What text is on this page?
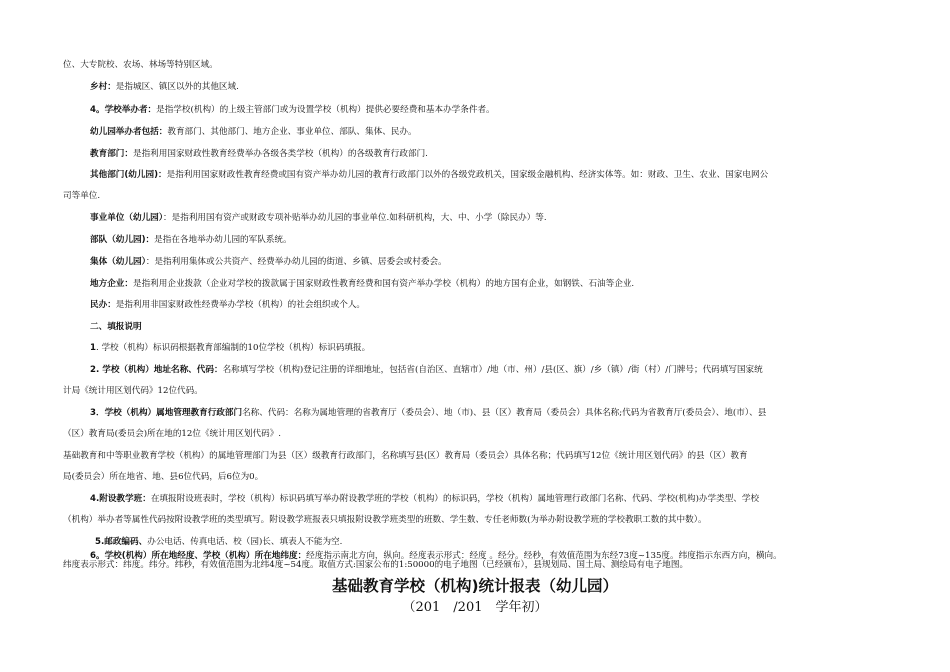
位、大专院校、农场、林场等特别区域。
乡村：是指城区、镇区以外的其他区域.
4。学校举办者：是指学校(机构）的上级主管部门或为设置学校（机构）提供必要经费和基本办学条件者。
幼儿园举办者包括：教育部门、其他部门、地方企业、事业单位、部队、集体、民办。
教育部门：是指利用国家财政性教育经费举办各级各类学校（机构）的各级教育行政部门.
其他部门(幼儿园)：是指利用国家财政性教育经费或国有资产举办幼儿园的教育行政部门以外的各级党政机关，国家级金融机构、经济实体等。如：财政、卫生、农业、国家电网公
司等单位.
事业单位（幼儿园）：是指利用国有资产或财政专项补贴举办幼儿园的事业单位.如科研机构，大、中、小学（除民办）等.
部队（幼儿园)：是指在各地举办幼儿园的军队系统。
集体（幼儿园）：是指利用集体或公共资产、经费举办幼儿园的街道、乡镇、居委会或村委会。
地方企业：是指利用企业拨款（企业对学校的拨款属于国家财政性教育经费和国有资产举办学校（机构）的地方国有企业，如钢铁、石油等企业.
民办：是指利用非国家财政性经费举办学校（机构）的社会组织或个人。
二、填报说明
1. 学校（机构）标识码根据教育部编制的10位学校（机构）标识码填报。
2. 学校（机构）地址名称、代码：名称填写学校（机构)登记注册的详细地址，包括省(自治区、直辖市）/地（市、州）/县(区、旗）/乡（镇）/街（村）/门牌号；代码填写国家统
计局《统计用区划代码》12位代码。
3．学校（机构）属地管理教育行政部门名称、代码：名称为属地管理的省教育厅（委员会）、地（市)、县（区）教育局（委员会）具体名称;代码为省教育厅(委员会）、地(市）、县
（区）教育局(委员会)所在地的12位《统计用区划代码》.
基础教育和中等职业教育学校（机构）的属地管理部门为县（区）级教育行政部门，名称填写县(区）教育局（委员会）具体名称；代码填写12位《统计用区划代码》的县（区）教育
局(委员会）所在地省、地、县6位代码，后6位为0。
4.附设教学班：在填报附设班表时，学校（机构）标识码填写举办附设教学班的学校（机构）的标识码，学校（机构）属地管理行政部门名称、代码、学校(机构)办学类型、学校
（机构）举办者等属性代码按附设教学班的类型填写。附设教学班报表只填报附设教学班类型的班数、学生数、专任老师数(为举办附设教学班的学校教职工数的其中数）。
5.邮政编码、办公电话、传真电话、校（园)长、填表人不能为空.
6。学校(机构）所在地经度、学校（机构）所在地纬度：经度指示南北方向，纵向。经度表示形式：经度 。经分。经秒，有效值范围为东经73度~135度。纬度指示东西方向，横向。
纬度表示形式：纬度。纬分。纬秒，有效值范围为北纬4度~54度。取值方式:国家公布的1:50000的电子地图（已经颁布），县规划局、国土局、测绘局有电子地图。
基础教育学校（机构)统计报表（幼儿园）
（201　/201　学年初）
